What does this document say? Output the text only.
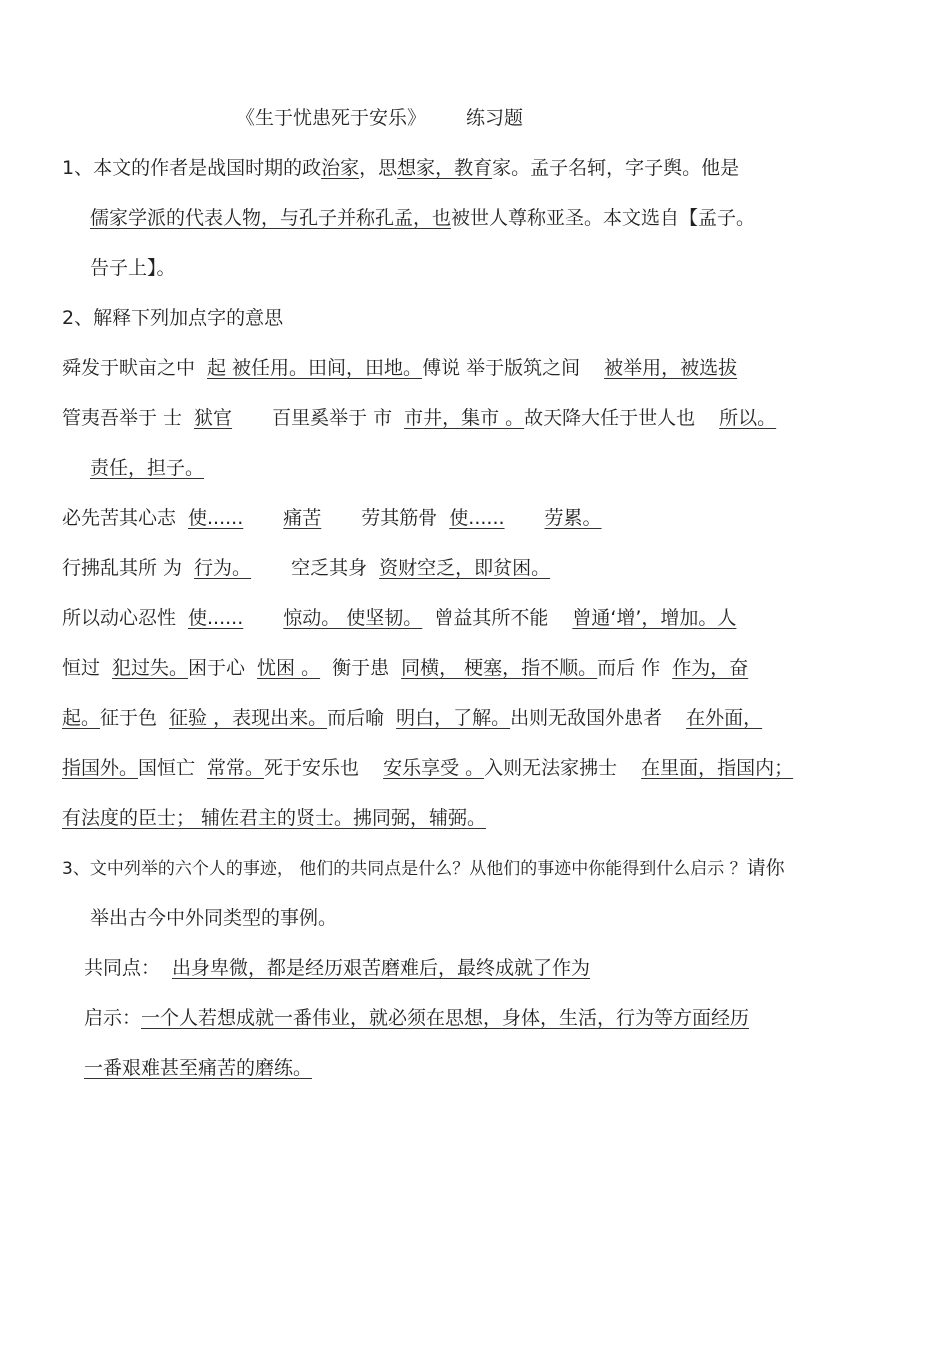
《生于忧患死于安乐》 练习题
1、本文的作者是战国时期的政治家，思想家，教育家。孟子名轲，字子舆。他是
儒家学派的代表人物，与孔子并称孔孟，也被世人尊称亚圣。本文选自【孟子。
告子上】。
2、解释下列加点字的意思
舜发于畎亩之中 起 被任用。田间，田地。傅说 举于版筑之间 被举用，被选拔
管夷吾举于 士 狱官 百里奚举于 市 市井，集市 。故天降大任于世人也 所以。
责任，担子。
必先苦其心志 使...... 痛苦 劳其筋骨 使...... 劳累。
行拂乱其所 为 行为。 空乏其身 资财空乏，即贫困。
所以动心忍性 使...... 惊动。 使坚韧。 曾益其所不能 曾通‘增’，增加。人
恒过 犯过失。困于心 忧困 。 衡于患 同横， 梗塞，指不顺。而后 作 作为，奋
起。征于色 征验 ，表现出来。而后喻 明白，了解。出则无敌国外患者 在外面，
指国外。国恒亡 常常。死于安乐也 安乐享受 。入则无法家拂士 在里面，指国内；
有法度的臣士； 辅佐君主的贤士。拂同弼，辅弼。
3、文中列举的六个人的事迹， 他们的共同点是什么？从他们的事迹中你能得到什么启示 ？请你
举出古今中外同类型的事例。
共同点： 出身卑微，都是经历艰苦磨难后，最终成就了作为
启示：一个人若想成就一番伟业，就必须在思想，身体，生活，行为等方面经历
一番艰难甚至痛苦的磨练。
